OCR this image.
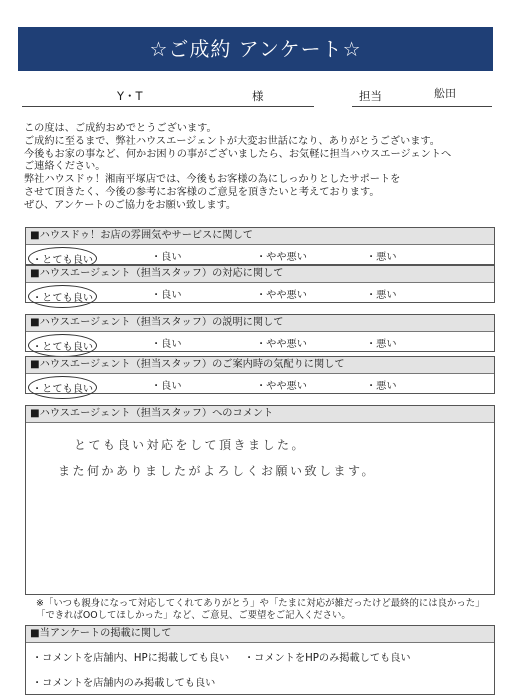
☆ご成約 アンケート☆
Y・T	様	担当	舩田
この度は、ご成約おめでとうございます。
ご成約に至るまで、弊社ハウスエージェントが大変お世話になり、ありがとうございます。
今後もお家の事など、何かお困りの事がございましたら、お気軽に担当ハウスエージェントへ
ご連絡ください。
弊社ハウスドゥ！湘南平塚店では、今後もお客様の為にしっかりとしたサポートを
させて頂きたく、今後の参考にお客様のご意見を頂きたいと考えております。
ぜひ、アンケートのご協力をお願い致します。
■ハウスドゥ！お店の雰囲気やサービスに関して
・とても良い	・良い	・やや悪い	・悪い
■ハウスエージェント（担当スタッフ）の対応に関して
・とても良い	・良い	・やや悪い	・悪い
■ハウスエージェント（担当スタッフ）の説明に関して
・とても良い	・良い	・やや悪い	・悪い
■ハウスエージェント（担当スタッフ）のご案内時の気配りに関して
・とても良い	・良い	・やや悪い	・悪い
■ハウスエージェント（担当スタッフ）へのコメント
とても良い対応をして頂きました。
また何かありましたがよろしくお願い致します。
※「いつも親身になって対応してくれてありがとう」や「たまに対応が雑だったけど最終的には良かった」
「できればOOしてほしかった」など、ご意見、ご要望をご記入ください。
■当アンケートの掲載に関して
・コメントを店舗内、HPに掲載しても良い ・コメントをHPのみ掲載しても良い
・コメントを店舗内のみ掲載しても良い
